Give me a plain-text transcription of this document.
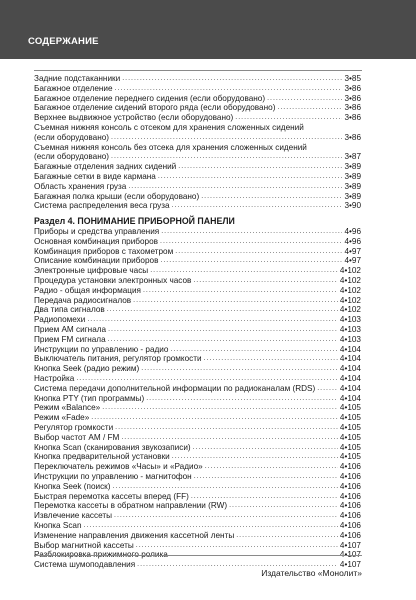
СОДЕРЖАНИЕ
Задние подстаканники .....	3•85
Багажное отделение .....	3•86
Багажное отделение переднего сидения (если оборудовано) .....	3•86
Багажное отделение сидений второго ряда (если оборудовано) .....	3•86
Верхнее выдвижное устройство (если оборудовано) .....	3•86
Съемная нижняя консоль с отсеком для хранения сложенных сидений
(если оборудовано) .....	3•86
Съемная нижняя консоль без отсека для хранения сложенных сидений
(если оборудовано) .....	3•87
Багажные отделения задних сидений .....	3•89
Багажные сетки в виде кармана .....	3•89
Область хранения груза .....	3•89
Багажная полка крыши (если оборудовано) .....	3•89
Система распределения веса груза .....	3•90
Раздел 4. ПОНИМАНИЕ ПРИБОРНОЙ ПАНЕЛИ
Приборы и средства управления .....	4•96
Основная комбинация приборов .....	4•96
Комбинация приборов с тахометром .....	4•97
Описание комбинации приборов .....	4•97
Электронные цифровые часы .....	4•102
Процедура установки электронных часов .....	4•102
Радио - общая информация .....	4•102
Передача радиосигналов .....	4•102
Два типа сигналов .....	4•102
Радиопомехи .....	4•103
Прием AM сигнала .....	4•103
Прием FM сигнала .....	4•103
Инструкции по управлению - радио .....	4•104
Выключатель питания, регулятор громкости .....	4•104
Кнопка Seek (радио режим) .....	4•104
Настройка .....	4•104
Система передачи дополнительной информации по радиоканалам (RDS) .....	4•104
Кнопка PTY (тип программы) .....	4•104
Режим «Balance» .....	4•105
Режим «Fade» .....	4•105
Регулятор громкости .....	4•105
Выбор частот AM / FM .....	4•105
Кнопка Scan (сканирования звукозаписи) .....	4•105
Кнопка предварительной установки .....	4•105
Переключатель режимов «Часы» и «Радио» .....	4•106
Инструкции по управлению - магнитофон .....	4•106
Кнопка Seek (поиск) .....	4•106
Быстрая перемотка кассеты вперед (FF) .....	4•106
Перемотка кассеты в обратном направлении (RW) .....	4•106
Извлечение кассеты .....	4•106
Кнопка Scan .....	4•106
Изменение направления движения кассетной ленты .....	4•106
Выбор магнитной кассеты .....	4•107
Разблокировка прижимного ролика .....	4•107
Система шумоподавления .....	4•107
Издательство «Монолит»
